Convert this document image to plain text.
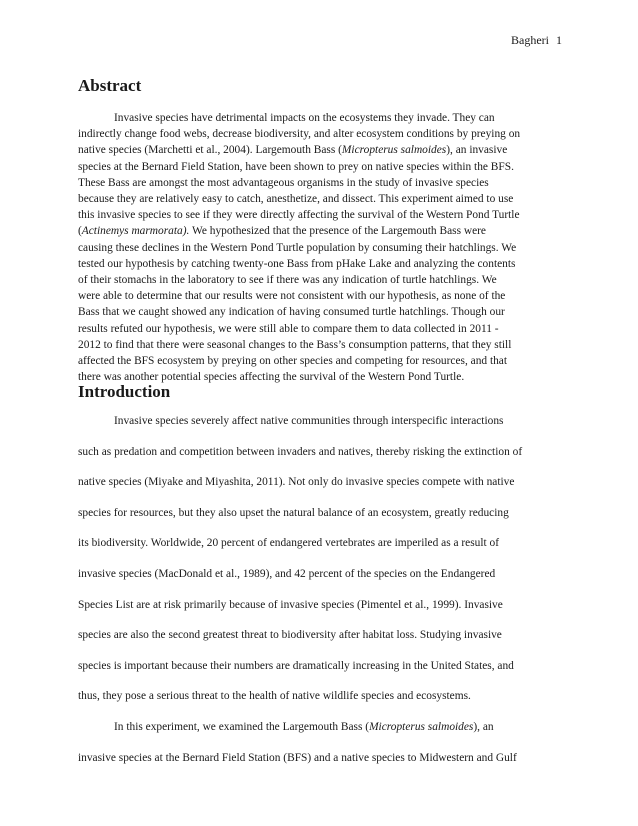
Bagheri 1
Abstract
Invasive species have detrimental impacts on the ecosystems they invade. They can
indirectly change food webs, decrease biodiversity, and alter ecosystem conditions by preying on
native species (Marchetti et al., 2004). Largemouth Bass (Micropterus salmoides), an invasive
species at the Bernard Field Station, have been shown to prey on native species within the BFS.
These Bass are amongst the most advantageous organisms in the study of invasive species
because they are relatively easy to catch, anesthetize, and dissect. This experiment aimed to use
this invasive species to see if they were directly affecting the survival of the Western Pond Turtle
(Actinemys marmorata). We hypothesized that the presence of the Largemouth Bass were
causing these declines in the Western Pond Turtle population by consuming their hatchlings. We
tested our hypothesis by catching twenty-one Bass from pHake Lake and analyzing the contents
of their stomachs in the laboratory to see if there was any indication of turtle hatchlings. We
were able to determine that our results were not consistent with our hypothesis, as none of the
Bass that we caught showed any indication of having consumed turtle hatchlings. Though our
results refuted our hypothesis, we were still able to compare them to data collected in 2011 -
2012 to find that there were seasonal changes to the Bass’s consumption patterns, that they still
affected the BFS ecosystem by preying on other species and competing for resources, and that
there was another potential species affecting the survival of the Western Pond Turtle.
Introduction
Invasive species severely affect native communities through interspecific interactions
such as predation and competition between invaders and natives, thereby risking the extinction of
native species (Miyake and Miyashita, 2011). Not only do invasive species compete with native
species for resources, but they also upset the natural balance of an ecosystem, greatly reducing
its biodiversity. Worldwide, 20 percent of endangered vertebrates are imperiled as a result of
invasive species (MacDonald et al., 1989), and 42 percent of the species on the Endangered
Species List are at risk primarily because of invasive species (Pimentel et al., 1999). Invasive
species are also the second greatest threat to biodiversity after habitat loss. Studying invasive
species is important because their numbers are dramatically increasing in the United States, and
thus, they pose a serious threat to the health of native wildlife species and ecosystems.
In this experiment, we examined the Largemouth Bass (Micropterus salmoides), an
invasive species at the Bernard Field Station (BFS) and a native species to Midwestern and Gulf
